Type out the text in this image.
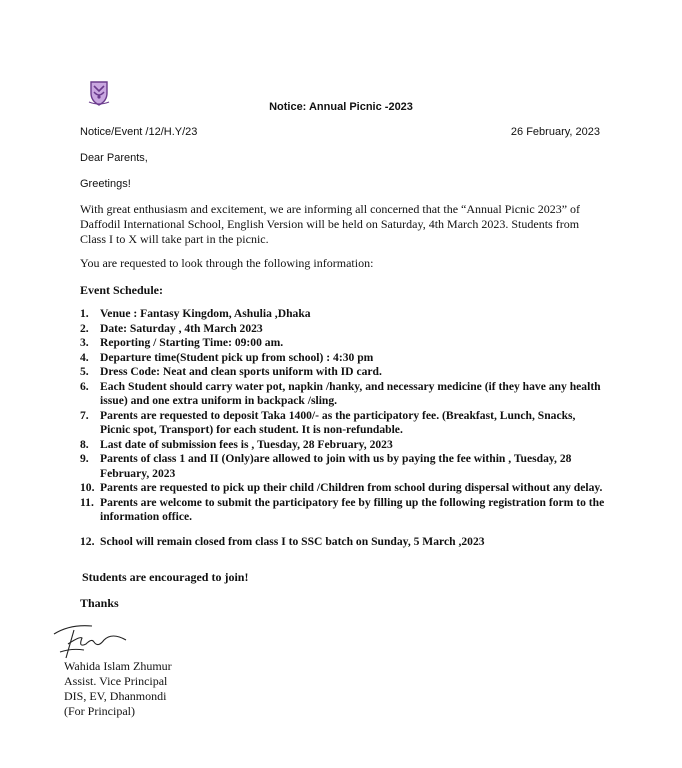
Notice: Annual Picnic -2023
Notice/Event /12/H.Y/23	26 February, 2023
Dear Parents,
Greetings!
With great enthusiasm and excitement, we are informing all concerned that the “Annual Picnic 2023” of Daffodil International School, English Version will be held on Saturday, 4th March 2023. Students from Class I to X will take part in the picnic.
You are requested to look through the following information:
Event Schedule:
1. Venue : Fantasy Kingdom, Ashulia ,Dhaka
2. Date: Saturday , 4th March 2023
3. Reporting / Starting Time: 09:00 am.
4. Departure time(Student pick up from school) : 4:30 pm
5. Dress Code: Neat and clean sports uniform with ID card.
6. Each Student should carry water pot, napkin /hanky, and necessary medicine (if they have any health issue) and one extra uniform in backpack /sling.
7. Parents are requested to deposit Taka 1400/- as the participatory fee. (Breakfast, Lunch, Snacks, Picnic spot, Transport) for each student. It is non-refundable.
8. Last date of submission fees is , Tuesday, 28 February, 2023
9. Parents of class 1 and II (Only)are allowed to join with us by paying the fee within , Tuesday, 28 February, 2023
10. Parents are requested to pick up their child /Children from school during dispersal without any delay.
11. Parents are welcome to submit the participatory fee by filling up the following registration form to the information office.
12. School will remain closed from class I to SSC batch on Sunday, 5 March ,2023
Students are encouraged to join!
Thanks
Wahida Islam Zhumur
Assist. Vice Principal
DIS, EV, Dhanmondi
(For Principal)
